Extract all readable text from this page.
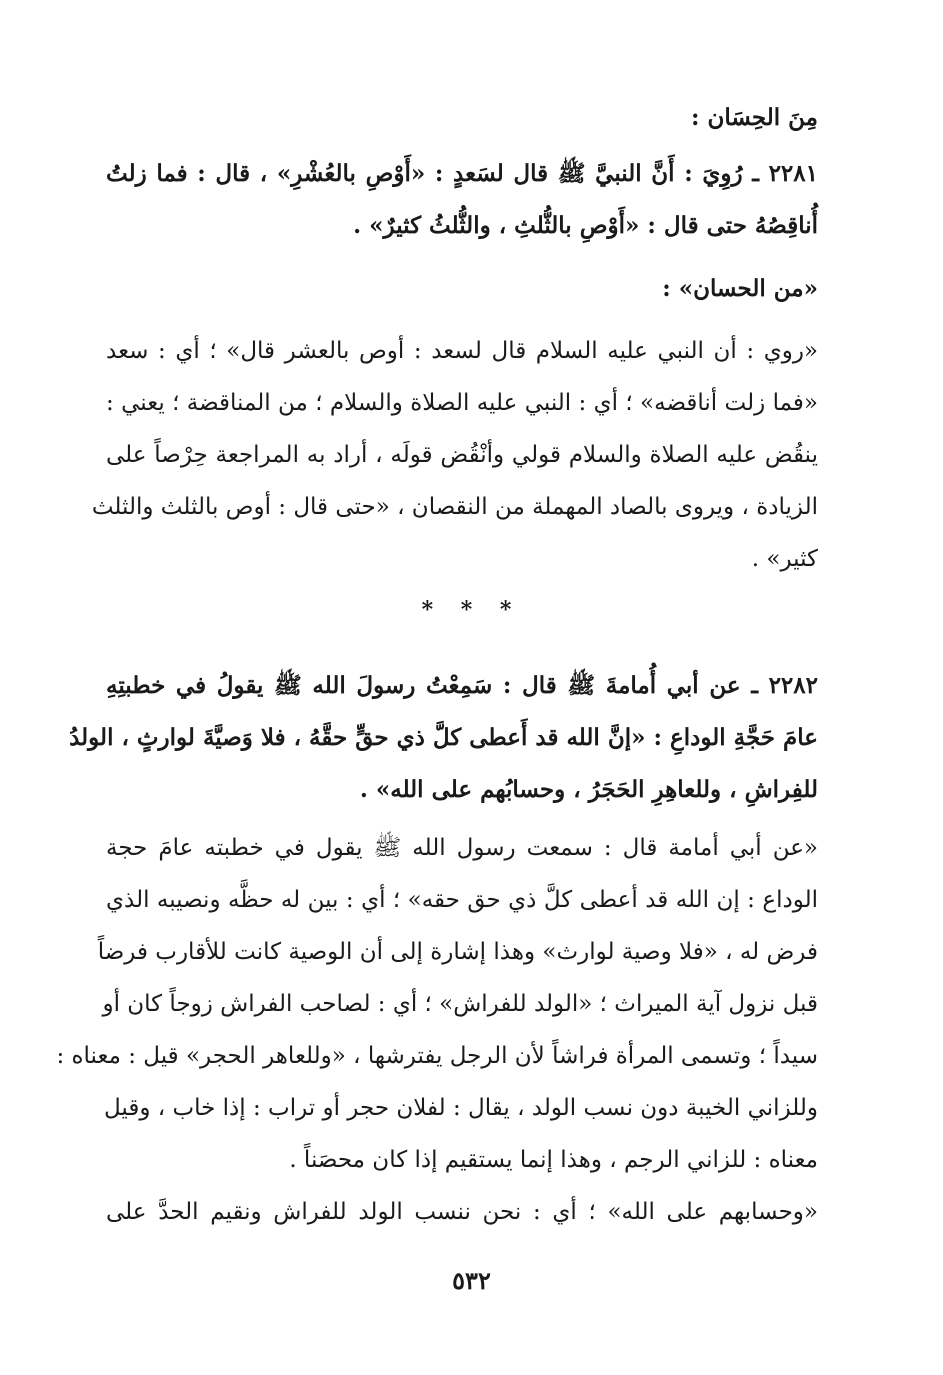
مِنَ الحِسَان :
٢٢٨١ ـ رُوِيَ : أَنَّ النبيَّ ﷺ قال لسَعدٍ : «أَوْصِ بالعُشْرِ» ، قال : فما زلتُ
أُناقِصُهُ حتى قال : «أَوْصِ بالثُّلثِ ، والثُّلثُ كثيرٌ» .
«من الحسان» :
«روي : أن النبي عليه السلام قال لسعد : أوص بالعشر قال» ؛ أي : سعد
«فما زلت أناقضه» ؛ أي : النبي عليه الصلاة والسلام ؛ من المناقضة ؛ يعني :
ينقُض عليه الصلاة والسلام قولي وأنْقُض قولَه ، أراد به المراجعة حِرْصاً على
الزيادة ، ويروى بالصاد المهملة من النقصان ، «حتى قال : أوص بالثلث والثلث
كثير» .
* * *
٢٢٨٢ ـ عن أبي أُمامةَ ﷺ قال : سَمِعْتُ رسولَ الله ﷺ يقولُ في خطبتِهِ
عامَ حَجَّةِ الوداعِ : «إنَّ الله قد أَعطى كلَّ ذي حقٍّ حقَّهُ ، فلا وَصيَّةَ لوارثٍ ، الولدُ
للفِراشِ ، وللعاهِرِ الحَجَرُ ، وحسابُهم على الله» .
«عن أبي أمامة قال : سمعت رسول الله ﷺ يقول في خطبته عامَ حجة
الوداع : إن الله قد أعطى كلَّ ذي حق حقه» ؛ أي : بين له حظَّه ونصيبه الذي
فرض له ، «فلا وصية لوارث» وهذا إشارة إلى أن الوصية كانت للأقارب فرضاً
قبل نزول آية الميراث ؛ «الولد للفراش» ؛ أي : لصاحب الفراش زوجاً كان أو
سيداً ؛ وتسمى المرأة فراشاً لأن الرجل يفترشها ، «وللعاهر الحجر» قيل : معناه :
وللزاني الخيبة دون نسب الولد ، يقال : لفلان حجر أو تراب : إذا خاب ، وقيل
معناه : للزاني الرجم ، وهذا إنما يستقيم إذا كان محصَناً .
«وحسابهم على الله» ؛ أي : نحن ننسب الولد للفراش ونقيم الحدَّ على
٥٣٢
